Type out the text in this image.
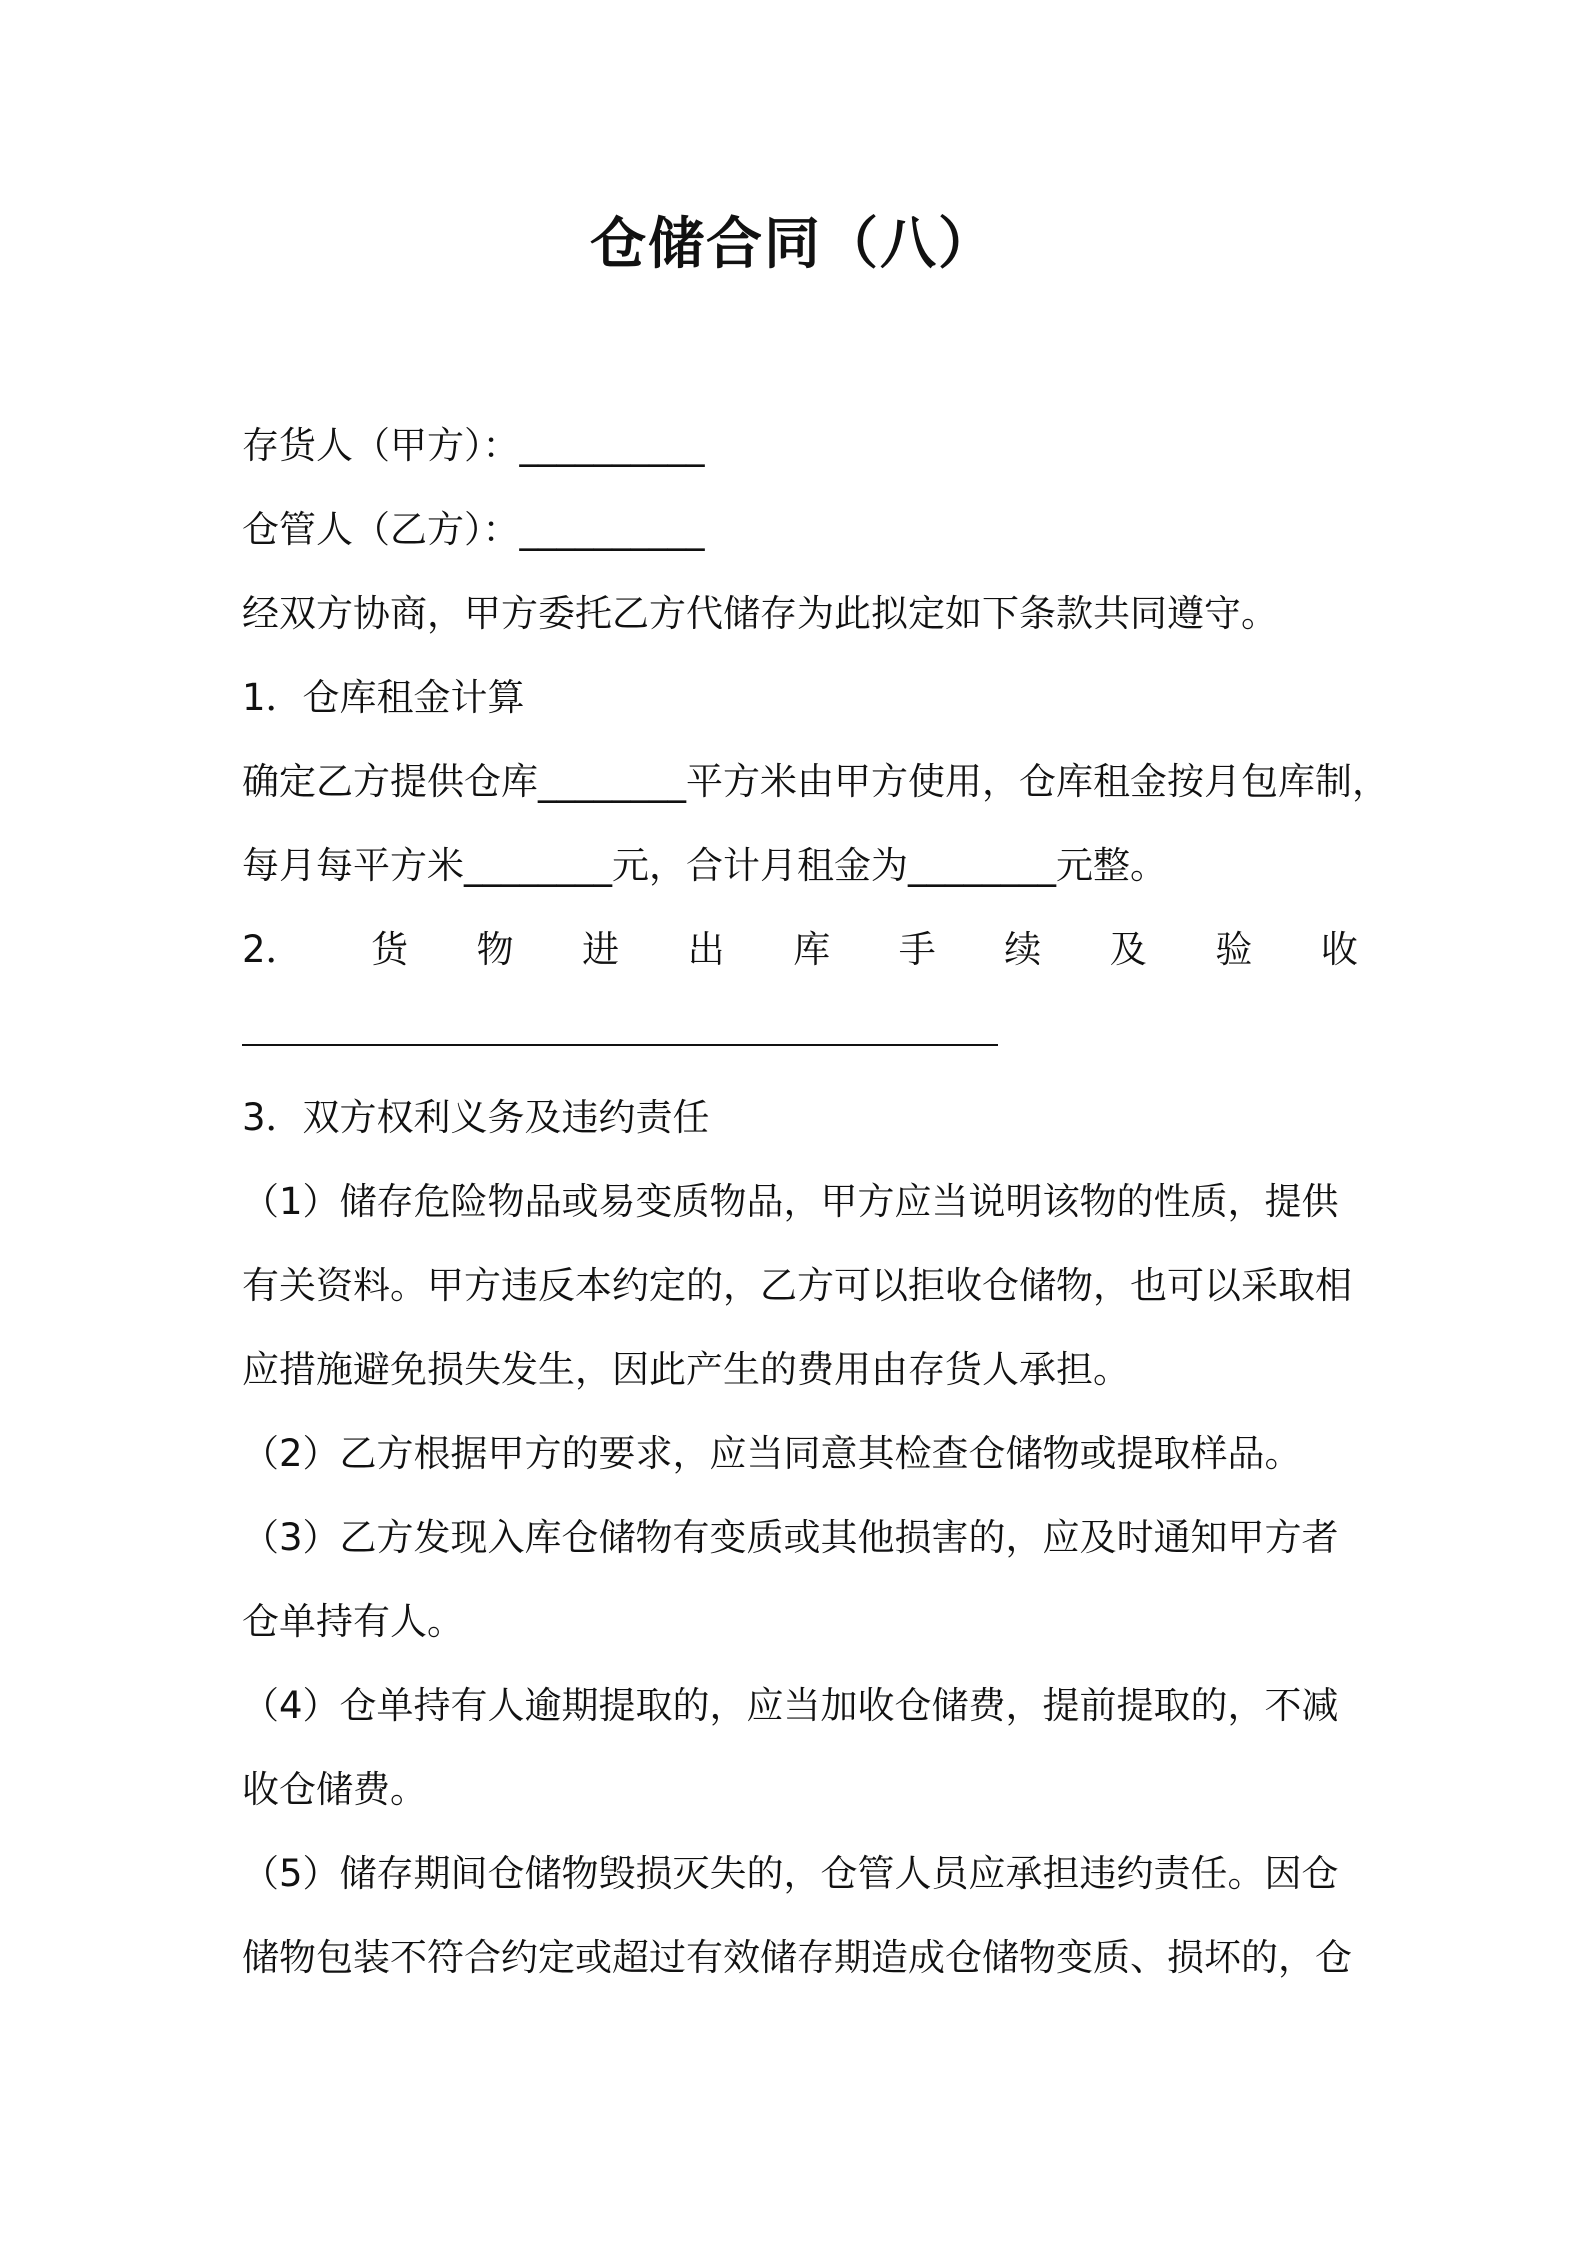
仓储合同（八）

存货人（甲方）：__________

仓管人（乙方）：__________

经双方协商，甲方委托乙方代储存为此拟定如下条款共同遵守。

1．仓库租金计算

确定乙方提供仓库________平方米由甲方使用，仓库租金按月包库制，

每月每平方米________元，合计月租金为________元整。

2． 货 物 进 出 库 手 续 及 验 收

3．双方权利义务及违约责任

（1）储存危险物品或易变质物品，甲方应当说明该物的性质，提供

有关资料。甲方违反本约定的，乙方可以拒收仓储物，也可以采取相

应措施避免损失发生，因此产生的费用由存货人承担。

（2）乙方根据甲方的要求，应当同意其检查仓储物或提取样品。

（3）乙方发现入库仓储物有变质或其他损害的，应及时通知甲方者

仓单持有人。

（4）仓单持有人逾期提取的，应当加收仓储费，提前提取的，不减

收仓储费。

（5）储存期间仓储物毁损灭失的，仓管人员应承担违约责任。因仓

储物包装不符合约定或超过有效储存期造成仓储物变质、损坏的，仓
